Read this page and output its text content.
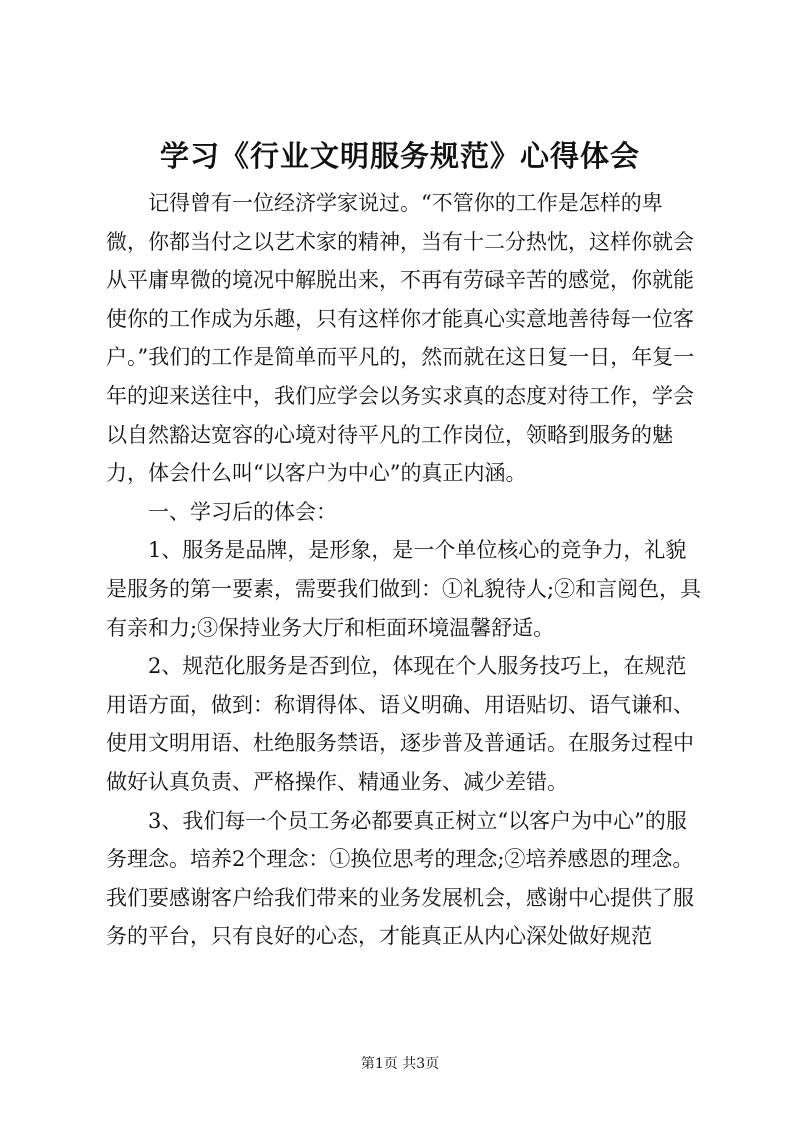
学习《行业文明服务规范》心得体会

记得曾有一位经济学家说过。“不管你的工作是怎样的卑微，你都当付之以艺术家的精神，当有十二分热忱，这样你就会从平庸卑微的境况中解脱出来，不再有劳碌辛苦的感觉，你就能使你的工作成为乐趣，只有这样你才能真心实意地善待每一位客户。”我们的工作是简单而平凡的，然而就在这日复一日，年复一年的迎来送往中，我们应学会以务实求真的态度对待工作，学会以自然豁达宽容的心境对待平凡的工作岗位，领略到服务的魅力，体会什么叫“以客户为中心”的真正内涵。

一、学习后的体会：

1、服务是品牌，是形象，是一个单位核心的竞争力，礼貌是服务的第一要素，需要我们做到：①礼貌待人;②和言阅色，具有亲和力;③保持业务大厅和柜面环境温馨舒适。

2、规范化服务是否到位，体现在个人服务技巧上，在规范用语方面，做到：称谓得体、语义明确、用语贴切、语气谦和、使用文明用语、杜绝服务禁语，逐步普及普通话。在服务过程中做好认真负责、严格操作、精通业务、减少差错。

3、我们每一个员工务必都要真正树立“以客户为中心”的服务理念。培养2个理念：①换位思考的理念;②培养感恩的理念。我们要感谢客户给我们带来的业务发展机会，感谢中心提供了服务的平台，只有良好的心态，才能真正从内心深处做好规范

第1页 共3页
